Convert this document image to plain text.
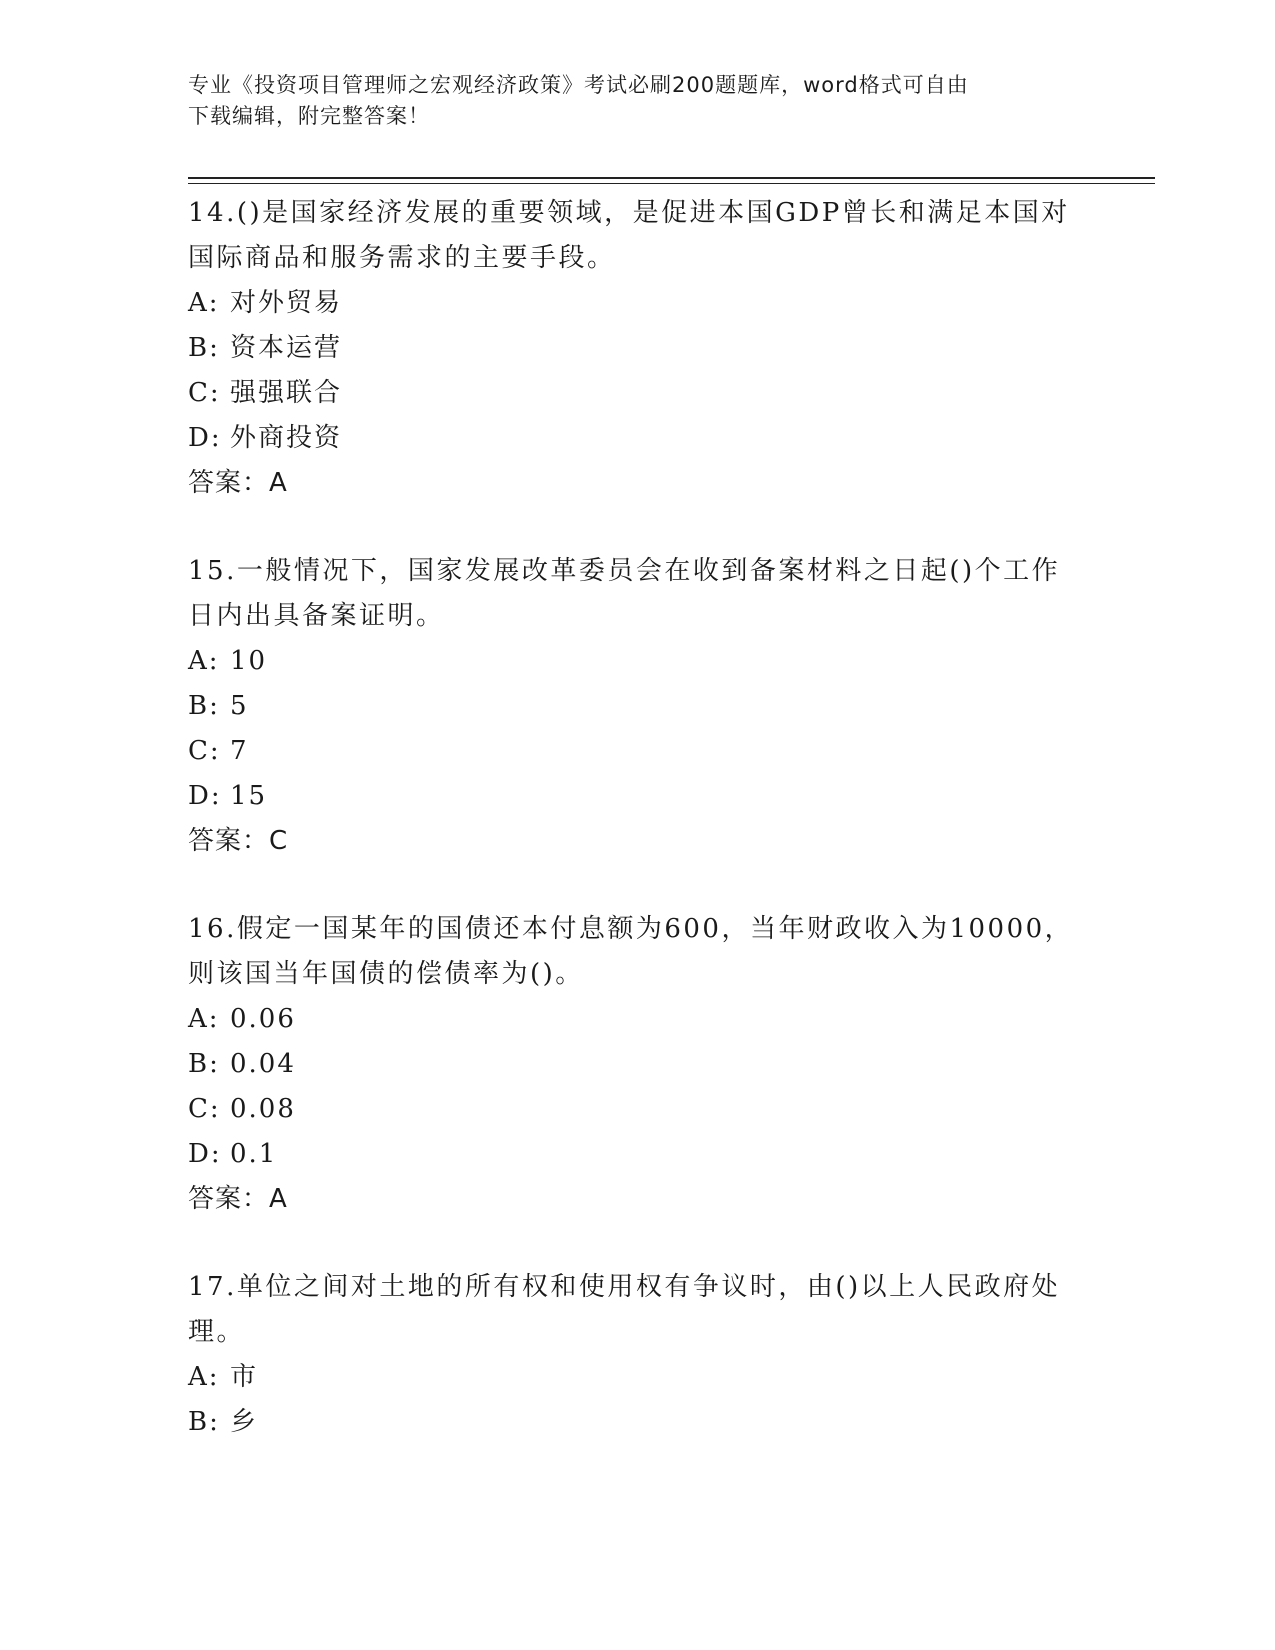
专业《投资项目管理师之宏观经济政策》考试必刷200题题库，word格式可自由
下载编辑，附完整答案！
14.()是国家经济发展的重要领域，是促进本国GDP曾长和满足本国对
国际商品和服务需求的主要手段。
A: 对外贸易
B: 资本运营
C: 强强联合
D: 外商投资
答案：A
15.一般情况下，国家发展改革委员会在收到备案材料之日起()个工作
日内出具备案证明。
A: 10
B: 5
C: 7
D: 15
答案：C
16.假定一国某年的国债还本付息额为600，当年财政收入为10000，
则该国当年国债的偿债率为()。
A: 0.06
B: 0.04
C: 0.08
D: 0.1
答案：A
17.单位之间对土地的所有权和使用权有争议时，由()以上人民政府处
理。
A: 市
B: 乡
